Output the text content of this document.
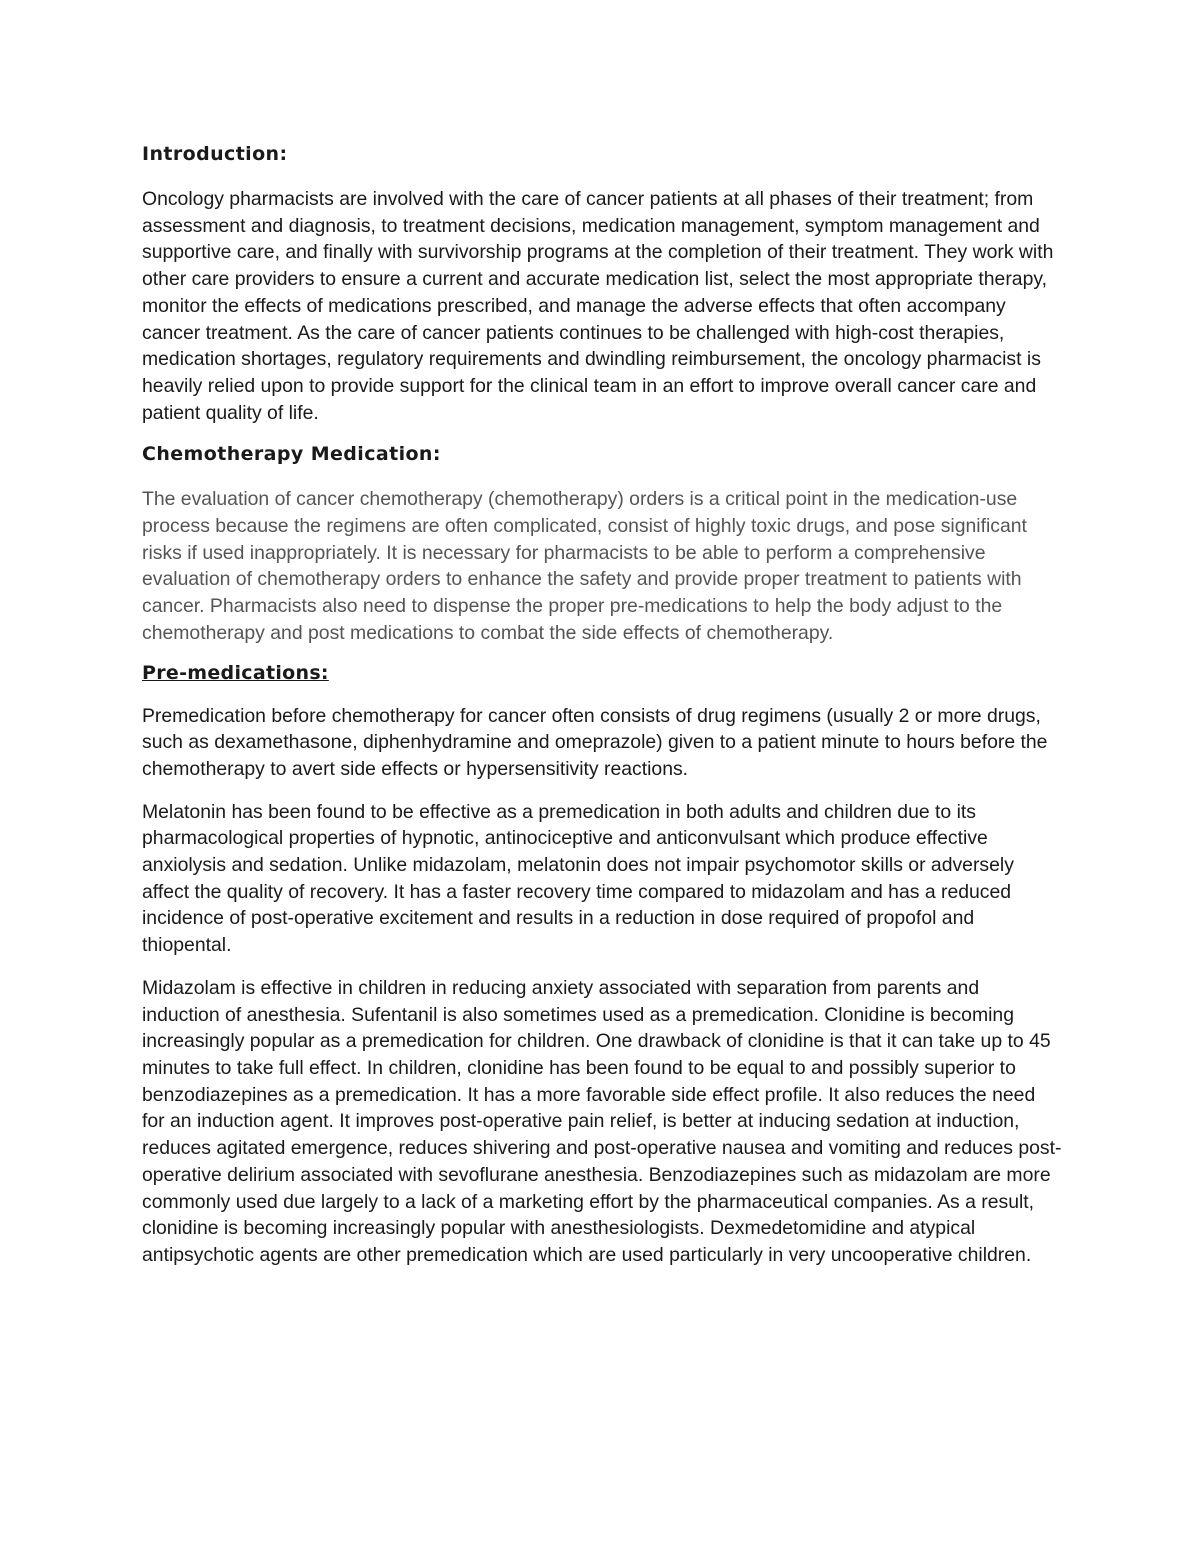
Introduction:

Oncology pharmacists are involved with the care of cancer patients at all phases of their treatment; from assessment and diagnosis, to treatment decisions, medication management, symptom management and supportive care, and finally with survivorship programs at the completion of their treatment. They work with other care providers to ensure a current and accurate medication list, select the most appropriate therapy, monitor the effects of medications prescribed, and manage the adverse effects that often accompany cancer treatment. As the care of cancer patients continues to be challenged with high-cost therapies, medication shortages, regulatory requirements and dwindling reimbursement, the oncology pharmacist is heavily relied upon to provide support for the clinical team in an effort to improve overall cancer care and patient quality of life.

Chemotherapy Medication:

The evaluation of cancer chemotherapy (chemotherapy) orders is a critical point in the medication-use process because the regimens are often complicated, consist of highly toxic drugs, and pose significant risks if used inappropriately. It is necessary for pharmacists to be able to perform a comprehensive evaluation of chemotherapy orders to enhance the safety and provide proper treatment to patients with cancer. Pharmacists also need to dispense the proper pre-medications to help the body adjust to the chemotherapy and post medications to combat the side effects of chemotherapy.

Pre-medications:

Premedication before chemotherapy for cancer often consists of drug regimens (usually 2 or more drugs, such as dexamethasone, diphenhydramine and omeprazole) given to a patient minute to hours before the chemotherapy to avert side effects or hypersensitivity reactions.

Melatonin has been found to be effective as a premedication in both adults and children due to its pharmacological properties of hypnotic, antinociceptive and anticonvulsant which produce effective anxiolysis and sedation. Unlike midazolam, melatonin does not impair psychomotor skills or adversely affect the quality of recovery. It has a faster recovery time compared to midazolam and has a reduced incidence of post-operative excitement and results in a reduction in dose required of propofol and thiopental.

Midazolam is effective in children in reducing anxiety associated with separation from parents and induction of anesthesia. Sufentanil is also sometimes used as a premedication. Clonidine is becoming increasingly popular as a premedication for children. One drawback of clonidine is that it can take up to 45 minutes to take full effect. In children, clonidine has been found to be equal to and possibly superior to benzodiazepines as a premedication. It has a more favorable side effect profile. It also reduces the need for an induction agent. It improves post-operative pain relief, is better at inducing sedation at induction, reduces agitated emergence, reduces shivering and post-operative nausea and vomiting and reduces post-operative delirium associated with sevoflurane anesthesia. Benzodiazepines such as midazolam are more commonly used due largely to a lack of a marketing effort by the pharmaceutical companies. As a result, clonidine is becoming increasingly popular with anesthesiologists. Dexmedetomidine and atypical antipsychotic agents are other premedication which are used particularly in very uncooperative children.
